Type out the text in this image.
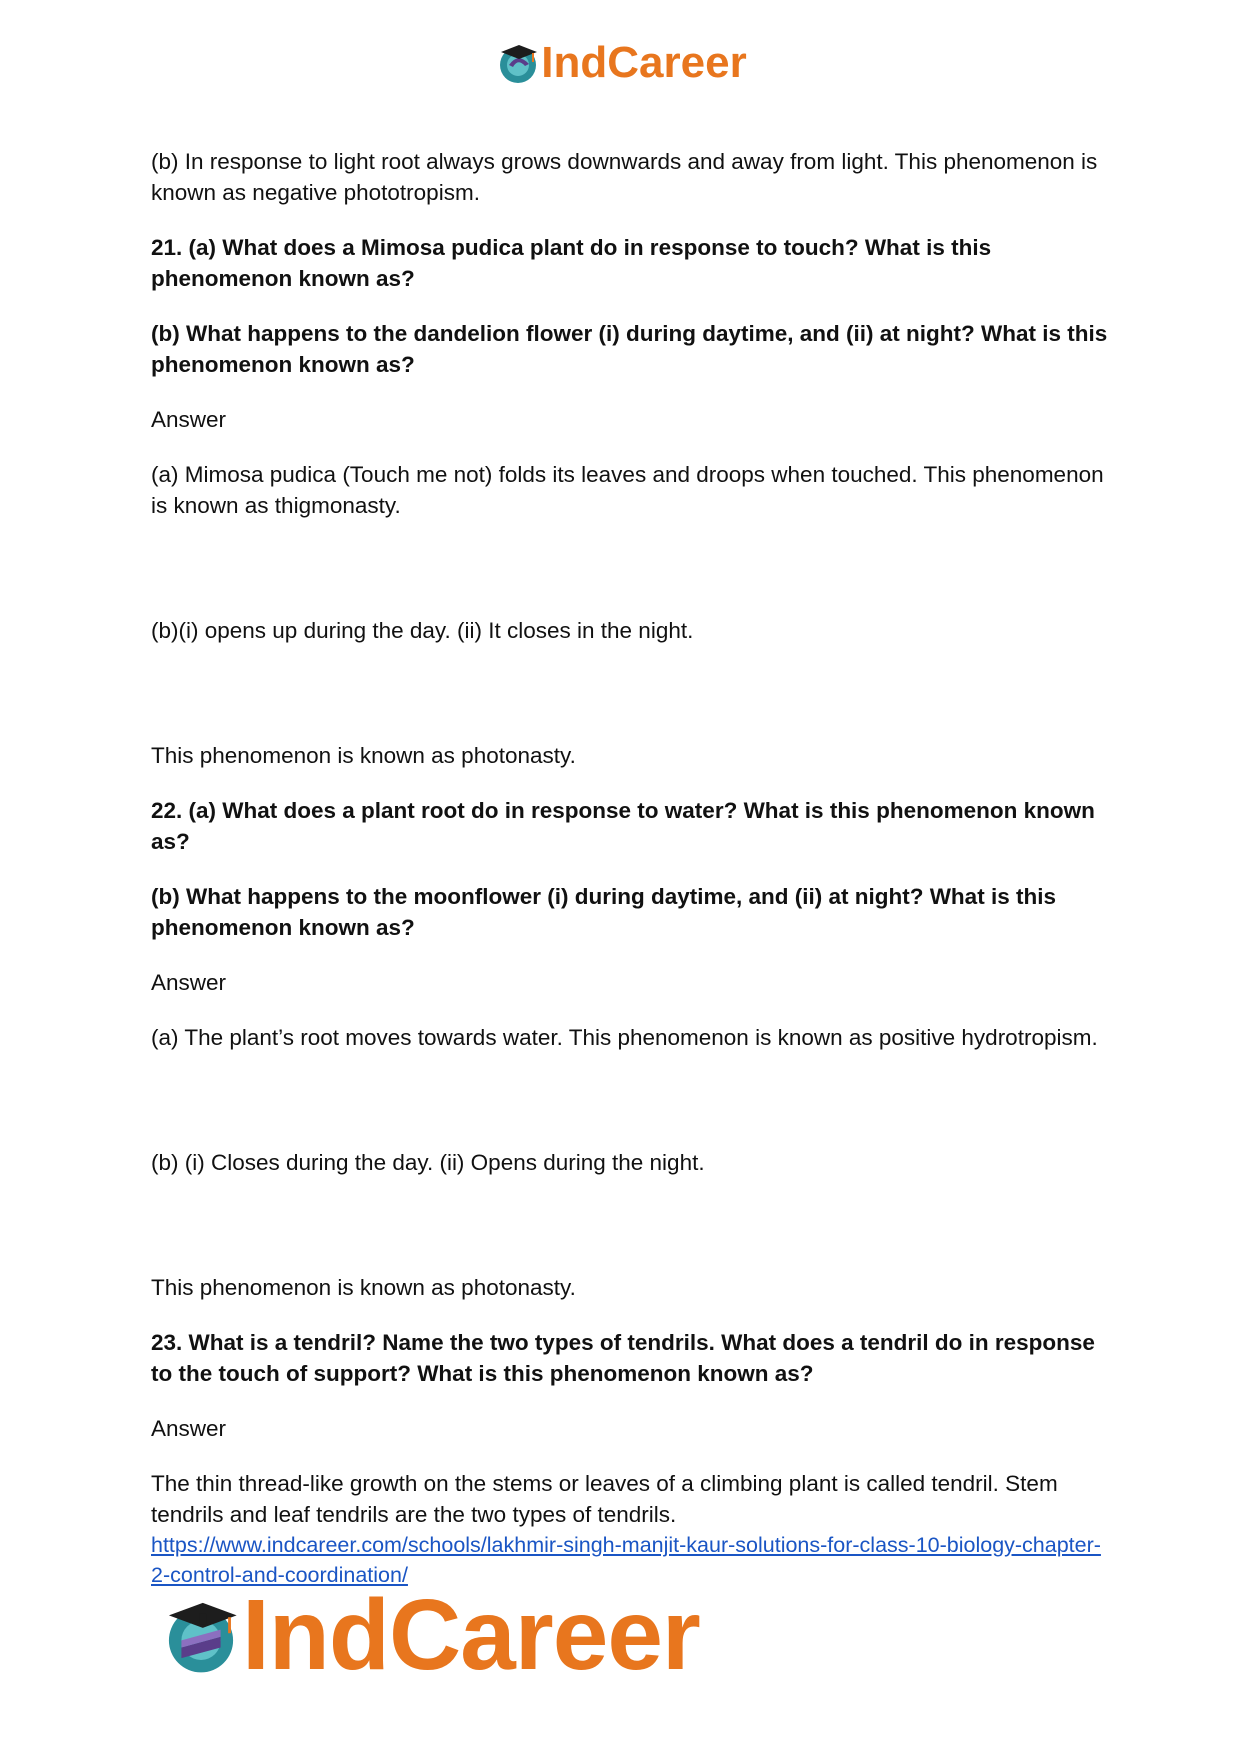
IndCareer

(b) In response to light root always grows downwards and away from light. This phenomenon is known as negative phototropism.

21. (a) What does a Mimosa pudica plant do in response to touch? What is this phenomenon known as?

(b) What happens to the dandelion flower (i) during daytime, and (ii) at night? What is this phenomenon known as?

Answer

(a) Mimosa pudica (Touch me not) folds its leaves and droops when touched. This phenomenon is known as thigmonasty.

(b)(i) opens up during the day. (ii) It closes in the night.

This phenomenon is known as photonasty.

22. (a) What does a plant root do in response to water? What is this phenomenon known as?

(b) What happens to the moonflower (i) during daytime, and (ii) at night? What is this phenomenon known as?

Answer

(a) The plant’s root moves towards water. This phenomenon is known as positive hydrotropism.

(b) (i) Closes during the day. (ii) Opens during the night.

This phenomenon is known as photonasty.

23. What is a tendril? Name the two types of tendrils. What does a tendril do in response to the touch of support? What is this phenomenon known as?

Answer

The thin thread-like growth on the stems or leaves of a climbing plant is called tendril. Stem tendrils and leaf tendrils are the two types of tendrils.

https://www.indcareer.com/schools/lakhmir-singh-manjit-kaur-solutions-for-class-10-biology-chapter-2-control-and-coordination/
IndCareer
